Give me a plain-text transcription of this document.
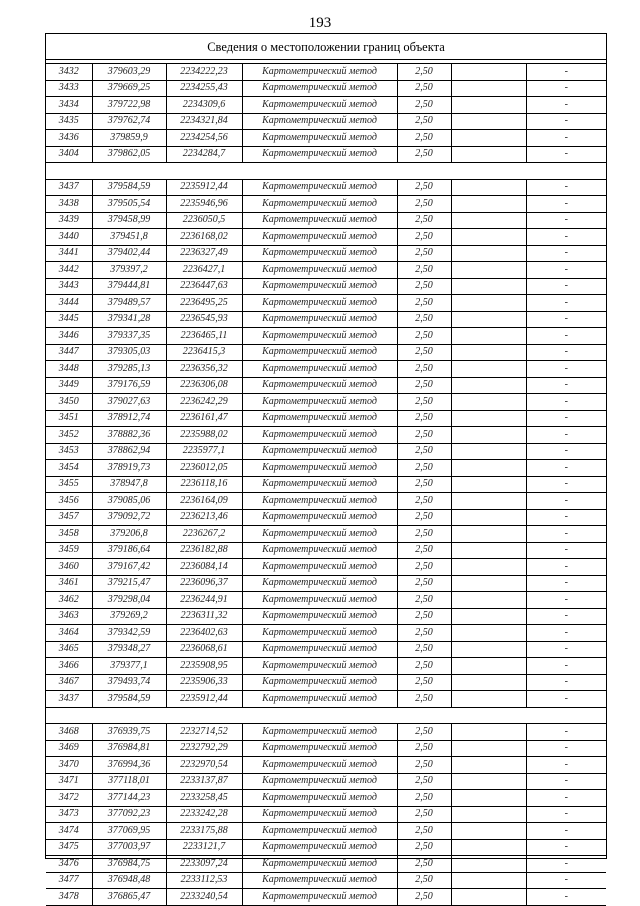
193
Сведения о местоположении границ объекта
3432	379603,29	2234222,23	Картометрический метод	2,50		-
3433	379669,25	2234255,43	Картометрический метод	2,50		-
3434	379722,98	2234309,6	Картометрический метод	2,50		-
3435	379762,74	2234321,84	Картометрический метод	2,50		-
3436	379859,9	2234254,56	Картометрический метод	2,50		-
3404	379862,05	2234284,7	Картометрический метод	2,50		-

3437	379584,59	2235912,44	Картометрический метод	2,50		-
3438	379505,54	2235946,96	Картометрический метод	2,50		-
3439	379458,99	2236050,5	Картометрический метод	2,50		-
3440	379451,8	2236168,02	Картометрический метод	2,50		-
3441	379402,44	2236327,49	Картометрический метод	2,50		-
3442	379397,2	2236427,1	Картометрический метод	2,50		-
3443	379444,81	2236447,63	Картометрический метод	2,50		-
3444	379489,57	2236495,25	Картометрический метод	2,50		-
3445	379341,28	2236545,93	Картометрический метод	2,50		-
3446	379337,35	2236465,11	Картометрический метод	2,50		-
3447	379305,03	2236415,3	Картометрический метод	2,50		-
3448	379285,13	2236356,32	Картометрический метод	2,50		-
3449	379176,59	2236306,08	Картометрический метод	2,50		-
3450	379027,63	2236242,29	Картометрический метод	2,50		-
3451	378912,74	2236161,47	Картометрический метод	2,50		-
3452	378882,36	2235988,02	Картометрический метод	2,50		-
3453	378862,94	2235977,1	Картометрический метод	2,50		-
3454	378919,73	2236012,05	Картометрический метод	2,50		-
3455	378947,8	2236118,16	Картометрический метод	2,50		-
3456	379085,06	2236164,09	Картометрический метод	2,50		-
3457	379092,72	2236213,46	Картометрический метод	2,50		-
3458	379206,8	2236267,2	Картометрический метод	2,50		-
3459	379186,64	2236182,88	Картометрический метод	2,50		-
3460	379167,42	2236084,14	Картометрический метод	2,50		-
3461	379215,47	2236096,37	Картометрический метод	2,50		-
3462	379298,04	2236244,91	Картометрический метод	2,50		-
3463	379269,2	2236311,32	Картометрический метод	2,50		-
3464	379342,59	2236402,63	Картометрический метод	2,50		-
3465	379348,27	2236068,61	Картометрический метод	2,50		-
3466	379377,1	2235908,95	Картометрический метод	2,50		-
3467	379493,74	2235906,33	Картометрический метод	2,50		-
3437	379584,59	2235912,44	Картометрический метод	2,50		-

3468	376939,75	2232714,52	Картометрический метод	2,50		-
3469	376984,81	2232792,29	Картометрический метод	2,50		-
3470	376994,36	2232970,54	Картометрический метод	2,50		-
3471	377118,01	2233137,87	Картометрический метод	2,50		-
3472	377144,23	2233258,45	Картометрический метод	2,50		-
3473	377092,23	2233242,28	Картометрический метод	2,50		-
3474	377069,95	2233175,88	Картометрический метод	2,50		-
3475	377003,97	2233121,7	Картометрический метод	2,50		-
3476	376984,75	2233097,24	Картометрический метод	2,50		-
3477	376948,48	2233112,53	Картометрический метод	2,50		-
3478	376865,47	2233240,54	Картометрический метод	2,50		-
